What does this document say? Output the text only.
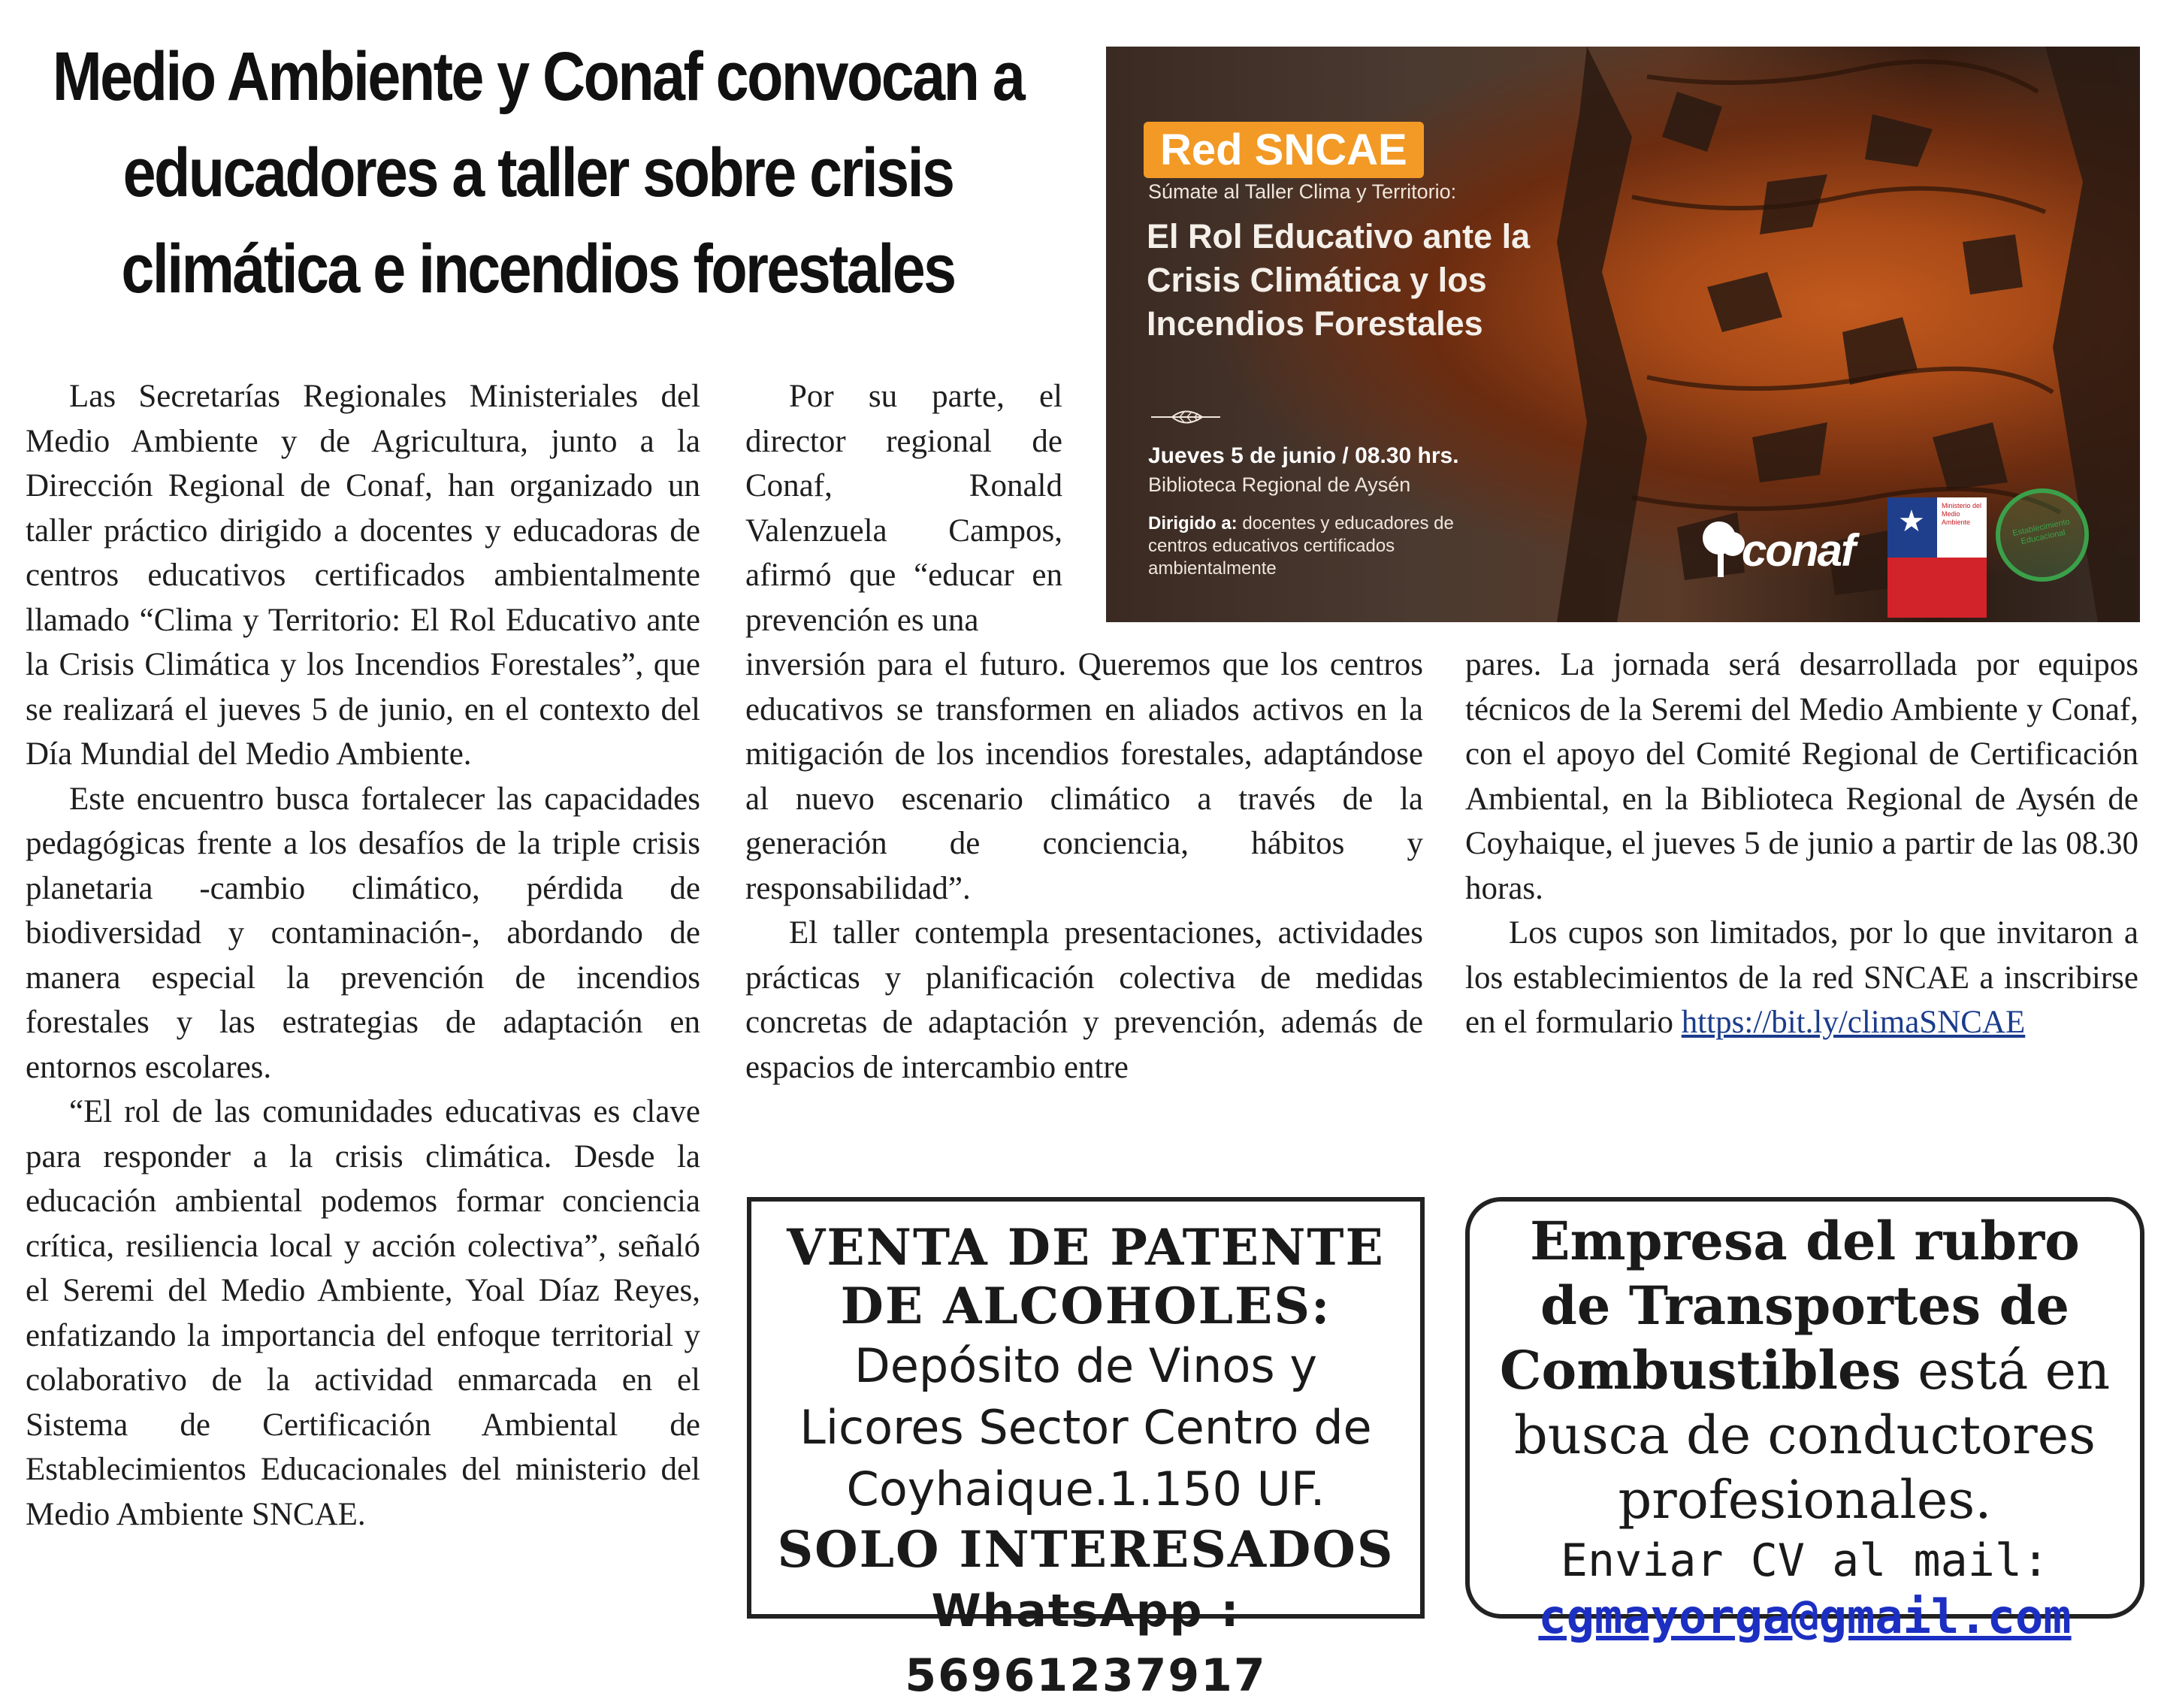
Medio Ambiente y Conaf convocan a educadores a taller sobre crisis climática e incendios forestales

Las Secretarías Regionales Ministeriales del Medio Ambiente y de Agricultura, junto a la Dirección Regional de Conaf, han organizado un taller práctico dirigido a docentes y educadoras de centros educativos certificados ambientalmente llamado “Clima y Territorio: El Rol Educativo ante la Crisis Climática y los Incendios Forestales”, que se realizará el jueves 5 de junio, en el contexto del Día Mundial del Medio Ambiente.

Este encuentro busca fortalecer las capacidades pedagógicas frente a los desafíos de la triple crisis planetaria -cambio climático, pérdida de biodiversidad y contaminación-, abordando de manera especial la prevención de incendios forestales y las estrategias de adaptación en entornos escolares.

“El rol de las comunidades educativas es clave para responder a la crisis climática. Desde la educación ambiental podemos formar conciencia crítica, resiliencia local y acción colectiva”, señaló el Seremi del Medio Ambiente, Yoal Díaz Reyes, enfatizando la importancia del enfoque territorial y colaborativo de la actividad enmarcada en el Sistema de Certificación Ambiental de Establecimientos Educacionales del ministerio del Medio Ambiente SNCAE.

Por su parte, el director regional de Conaf, Ronald Valenzuela Campos, afirmó que “educar en prevención es una

inversión para el futuro. Queremos que los centros educativos se transformen en aliados activos en la mitigación de los incendios forestales, adaptándose al nuevo escenario climático a través de la generación de conciencia, hábitos y responsabilidad”.

El taller contempla presentaciones, actividades prácticas y planificación colectiva de medidas concretas de adaptación y prevención, además de espacios de intercambio entre

pares. La jornada será desarrollada por equipos técnicos de la Seremi del Medio Ambiente y Conaf, con el apoyo del Comité Regional de Certificación Ambiental, en la Biblioteca Regional de Aysén de Coyhaique, el jueves 5 de junio a partir de las 08.30 horas.

Los cupos son limitados, por lo que invitaron a los establecimientos de la red SNCAE a inscribirse en el formulario https://bit.ly/climaSNCAE

Red SNCAE
Súmate al Taller Clima y Territorio:
El Rol Educativo ante la Crisis Climática y los Incendios Forestales
Jueves 5 de junio / 08.30 hrs.
Biblioteca Regional de Aysén
Dirigido a: docentes y educadores de centros educativos certificados ambientalmente	conaf
★ Ministerio del Medio Ambiente	Establecimiento Educacional
VENTA DE PATENTE
DE ALCOHOLES:
Depósito de Vinos y
Licores Sector Centro de
Coyhaique.1.150 UF.
SOLO INTERESADOS
WhatsApp : 56961237917
Empresa del rubro
de Transportes de
Combustibles está en
busca de conductores
profesionales.
Enviar CV al mail:
cgmayorga@gmail.com
